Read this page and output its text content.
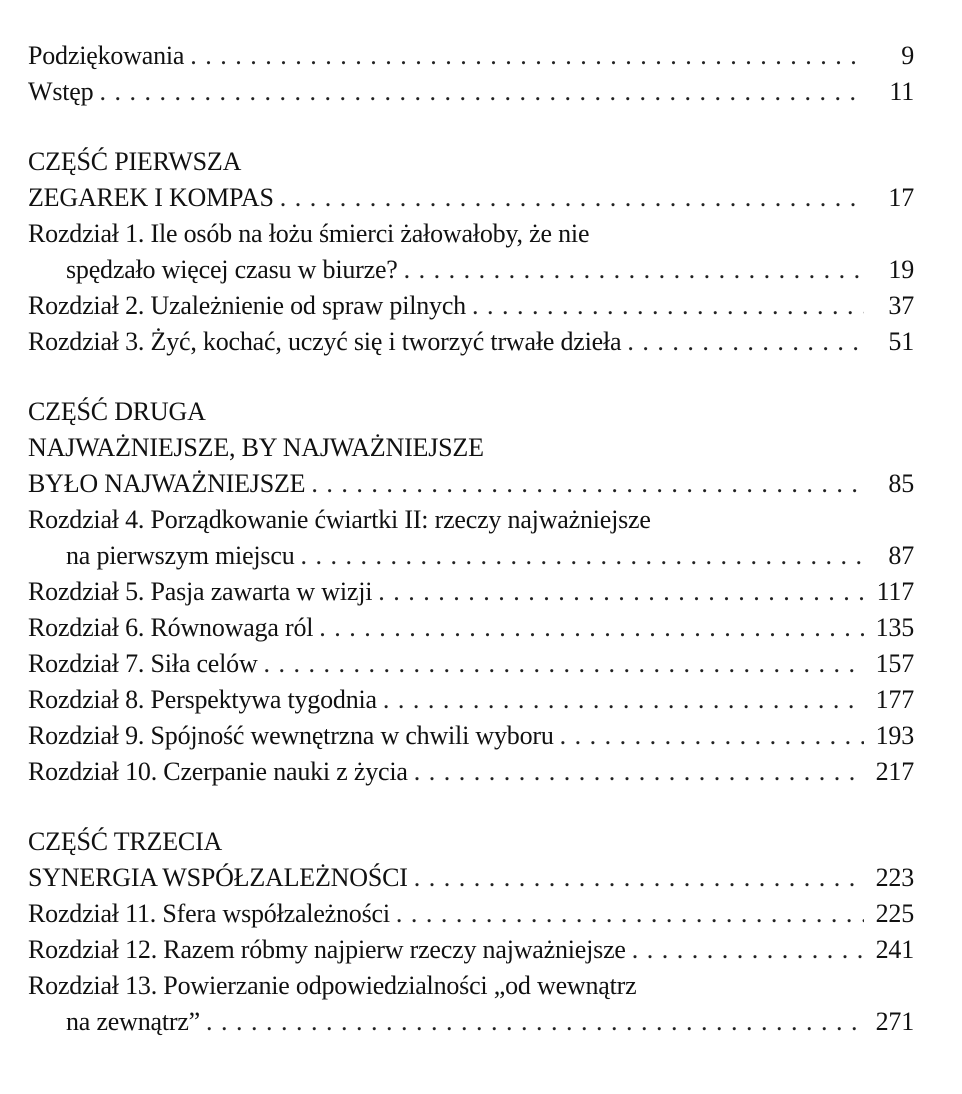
Podziękowania . . .	9
Wstęp . . .	11
CZĘŚĆ PIERWSZA
ZEGAREK I KOMPAS . . .	17
Rozdział 1. Ile osób na łożu śmierci żałowałoby, że nie
spędzało więcej czasu w biurze? . . .	19
Rozdział 2. Uzależnienie od spraw pilnych . . .	37
Rozdział 3. Żyć, kochać, uczyć się i tworzyć trwałe dzieła . . .	51
CZĘŚĆ DRUGA
NAJWAŻNIEJSZE, BY NAJWAŻNIEJSZE
BYŁO NAJWAŻNIEJSZE . . .	85
Rozdział 4. Porządkowanie ćwiartki II: rzeczy najważniejsze
na pierwszym miejscu . . .	87
Rozdział 5. Pasja zawarta w wizji . . .	117
Rozdział 6. Równowaga ról . . .	135
Rozdział 7. Siła celów . . .	157
Rozdział 8. Perspektywa tygodnia . . .	177
Rozdział 9. Spójność wewnętrzna w chwili wyboru . . .	193
Rozdział 10. Czerpanie nauki z życia . . .	217
CZĘŚĆ TRZECIA
SYNERGIA WSPÓŁZALEŻNOŚCI . . .	223
Rozdział 11. Sfera współzależności . . .	225
Rozdział 12. Razem róbmy najpierw rzeczy najważniejsze . . .	241
Rozdział 13. Powierzanie odpowiedzialności „od wewnątrz
na zewnątrz” . . .	271
